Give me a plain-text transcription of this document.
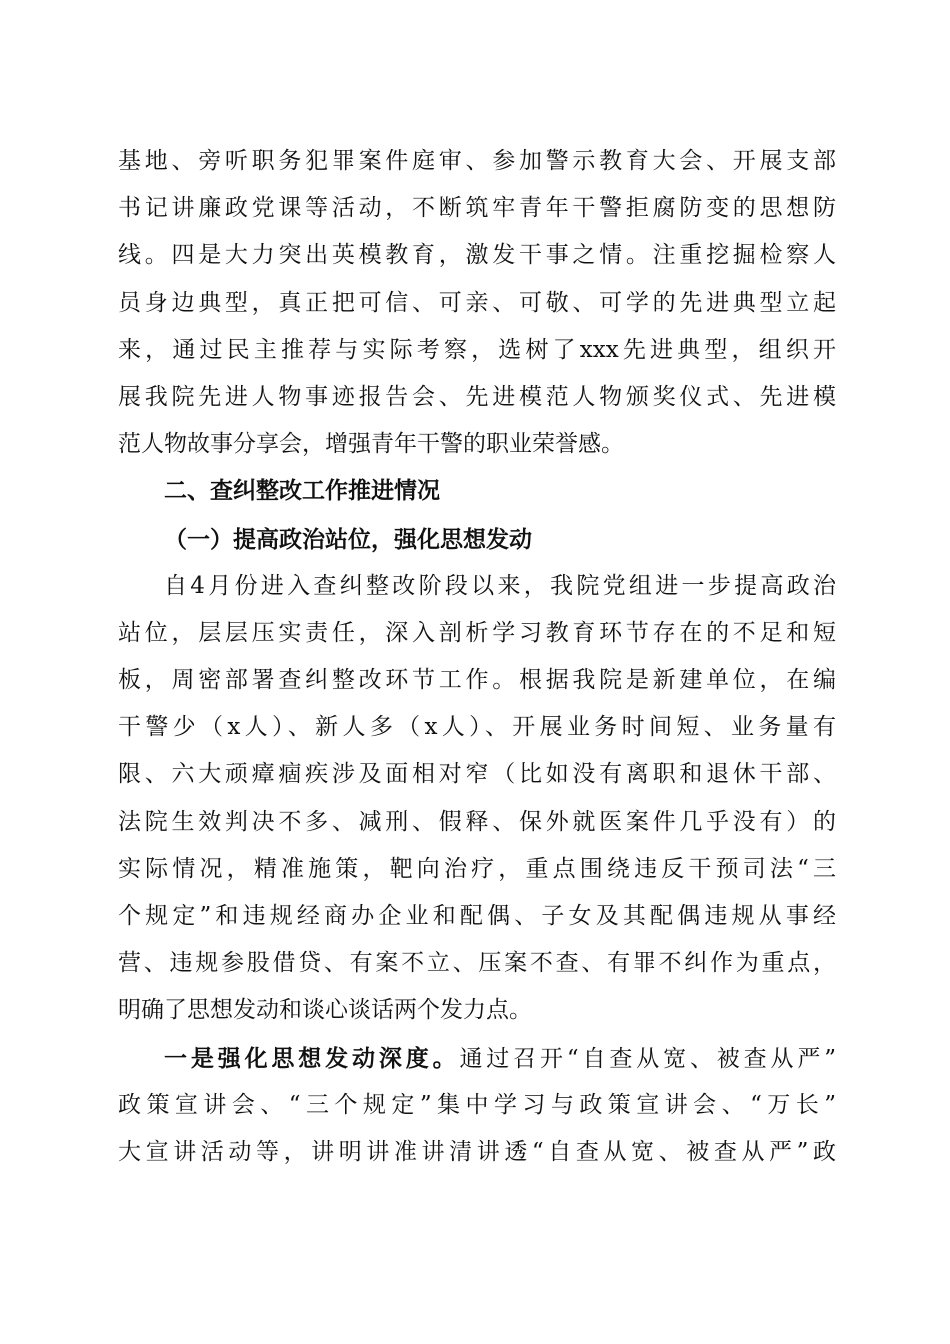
基地、旁听职务犯罪案件庭审、参加警示教育大会、开展支部
书记讲廉政党课等活动，不断筑牢青年干警拒腐防变的思想防
线。四是大力突出英模教育，激发干事之情。注重挖掘检察人
员身边典型，真正把可信、可亲、可敬、可学的先进典型立起
来，通过民主推荐与实际考察，选树了xxx先进典型，组织开
展我院先进人物事迹报告会、先进模范人物颁奖仪式、先进模
范人物故事分享会，增强青年干警的职业荣誉感。
二、查纠整改工作推进情况
（一）提高政治站位，强化思想发动
自4月份进入查纠整改阶段以来，我院党组进一步提高政治
站位，层层压实责任，深入剖析学习教育环节存在的不足和短
板，周密部署查纠整改环节工作。根据我院是新建单位，在编
干警少（x人）、新人多（x人）、开展业务时间短、业务量有
限、六大顽瘴痼疾涉及面相对窄（比如没有离职和退休干部、
法院生效判决不多、减刑、假释、保外就医案件几乎没有）的
实际情况，精准施策，靶向治疗，重点围绕违反干预司法“三
个规定”和违规经商办企业和配偶、子女及其配偶违规从事经
营、违规参股借贷、有案不立、压案不查、有罪不纠作为重点，
明确了思想发动和谈心谈话两个发力点。
一是强化思想发动深度。通过召开“自查从宽、被查从严”
政策宣讲会、“三个规定”集中学习与政策宣讲会、“万长”
大宣讲活动等，讲明讲准讲清讲透“自查从宽、被查从严”政
